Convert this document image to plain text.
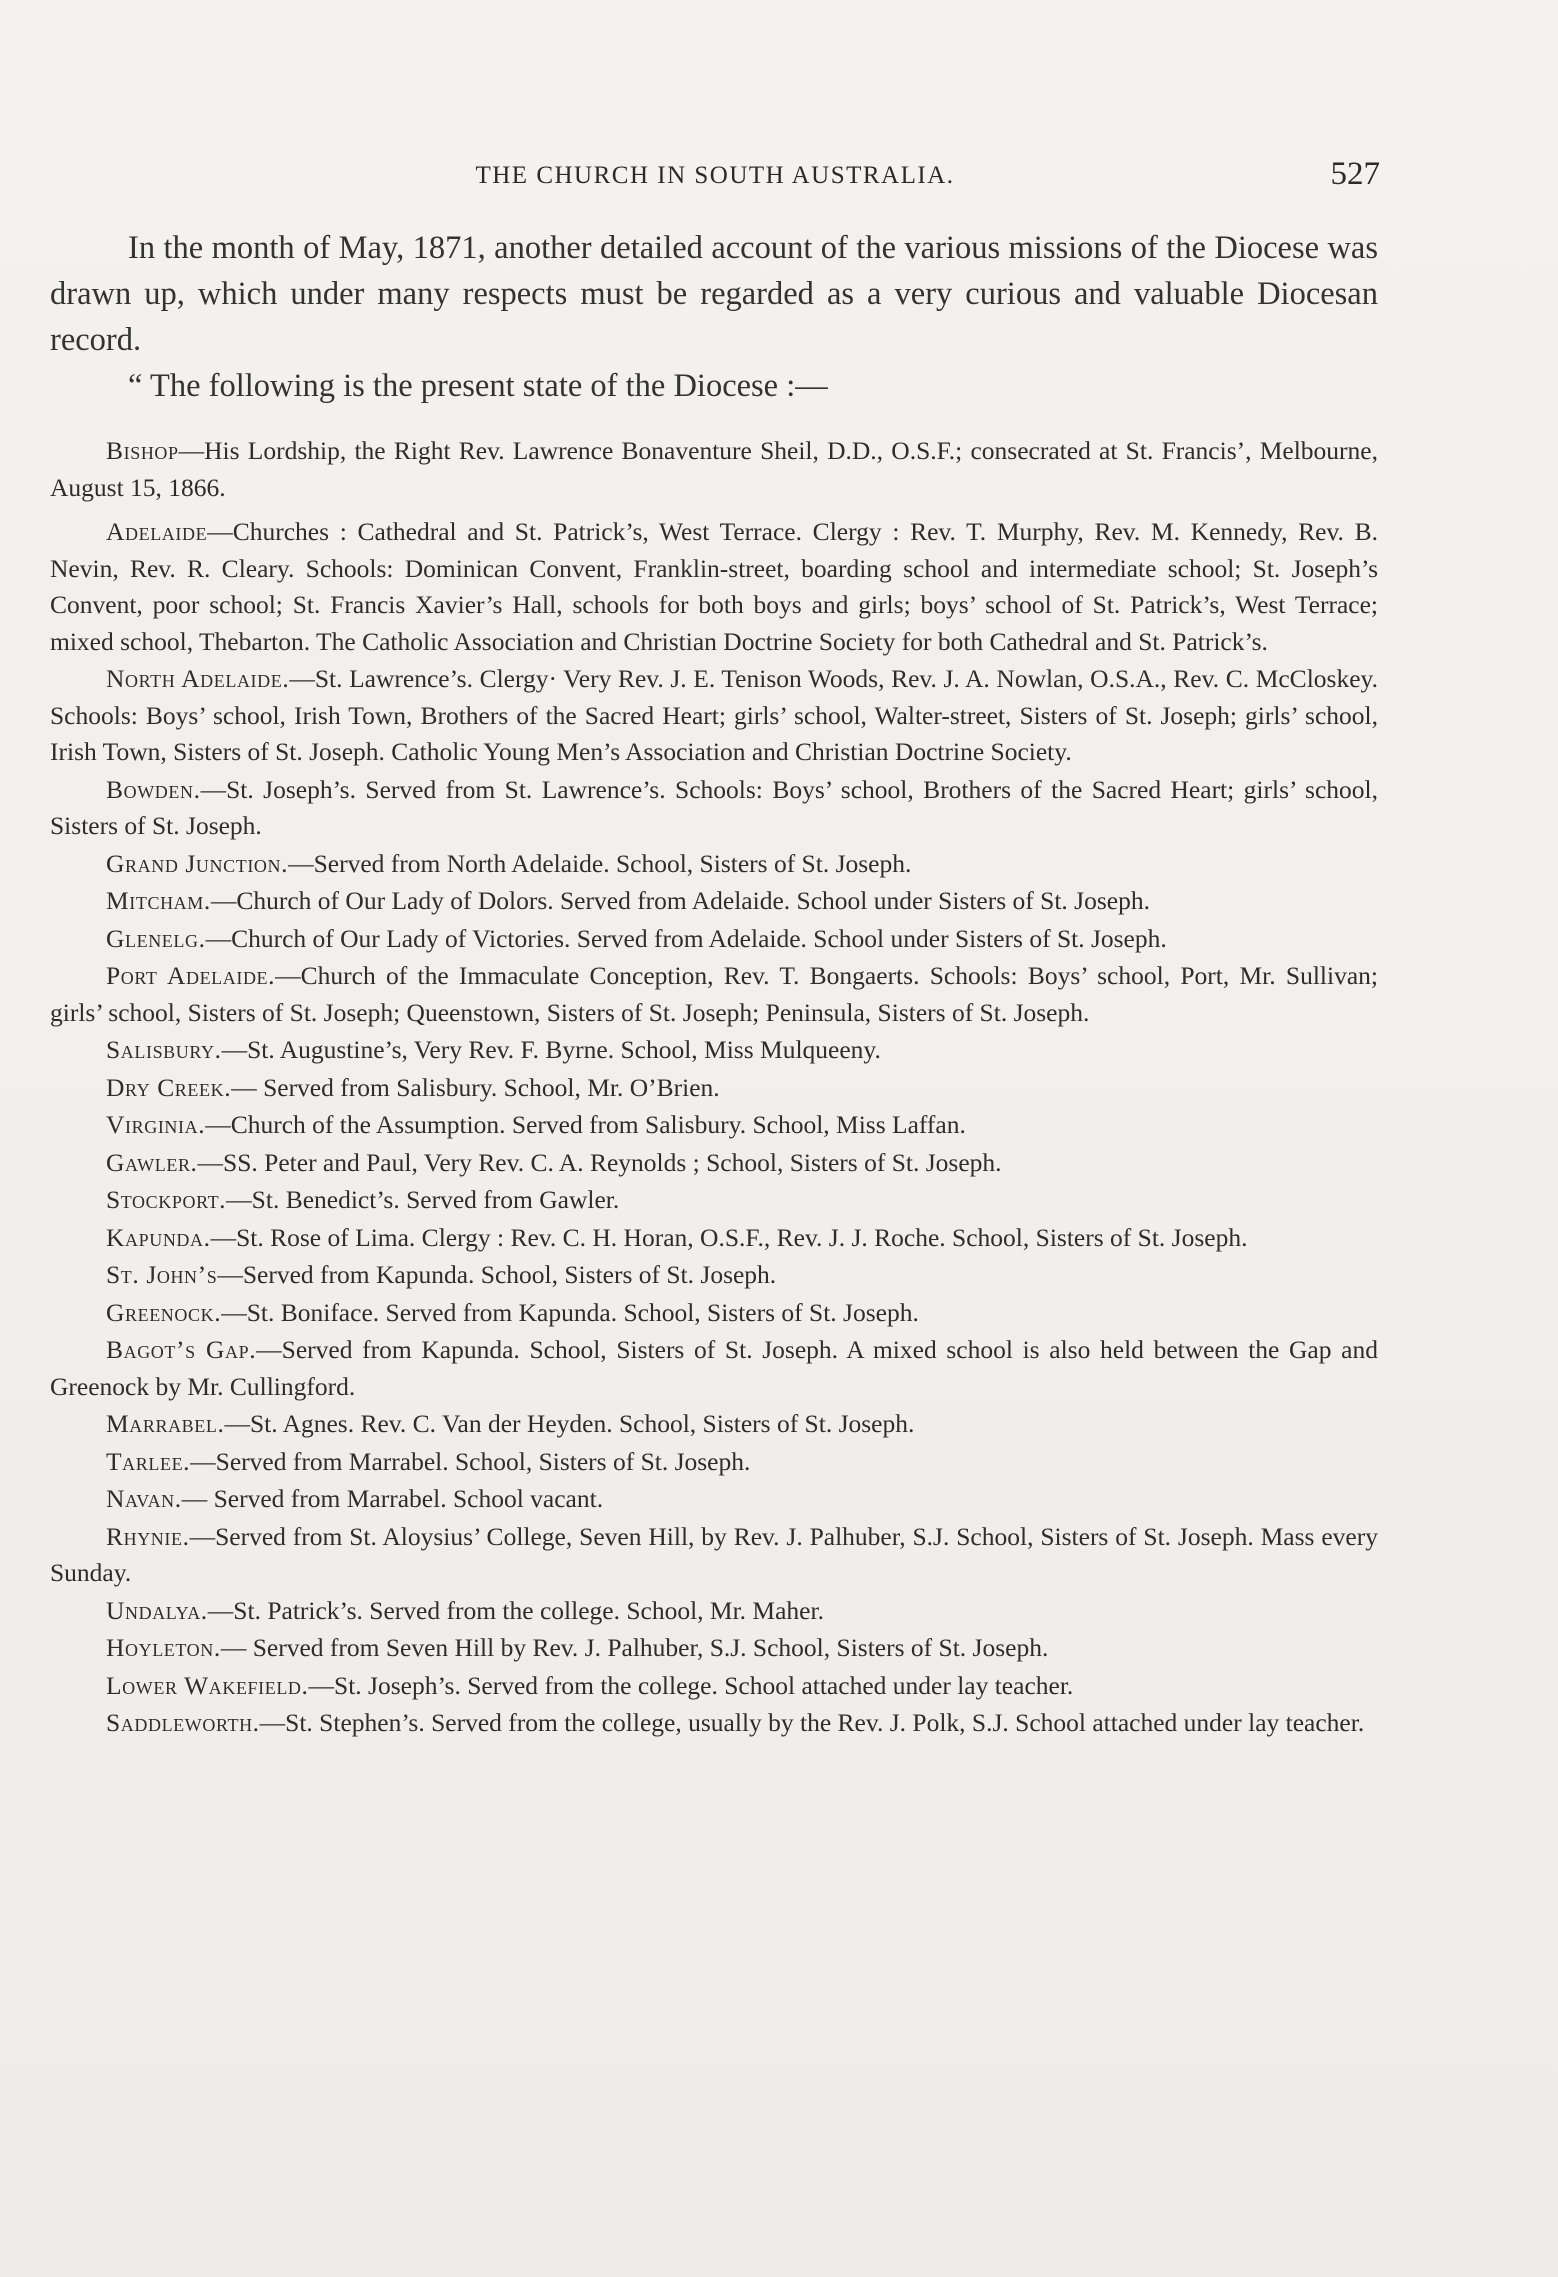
THE CHURCH IN SOUTH AUSTRALIA.	527

In the month of May, 1871, another detailed account of the various missions of the Diocese was drawn up, which under many respects must be regarded as a very curious and valuable Diocesan record.

“ The following is the present state of the Diocese :—

Bishop—His Lordship, the Right Rev. Lawrence Bonaventure Sheil, D.D., O.S.F.; consecrated at St. Francis’, Melbourne, August 15, 1866.

Adelaide—Churches : Cathedral and St. Patrick’s, West Terrace. Clergy : Rev. T. Murphy, Rev. M. Kennedy, Rev. B. Nevin, Rev. R. Cleary. Schools: Dominican Convent, Franklin-street, boarding school and intermediate school; St. Joseph’s Convent, poor school; St. Francis Xavier’s Hall, schools for both boys and girls; boys’ school of St. Patrick’s, West Terrace; mixed school, Thebarton. The Catholic Association and Christian Doctrine Society for both Cathedral and St. Patrick’s.

North Adelaide.—St. Lawrence’s. Clergy· Very Rev. J. E. Tenison Woods, Rev. J. A. Nowlan, O.S.A., Rev. C. McCloskey. Schools: Boys’ school, Irish Town, Brothers of the Sacred Heart; girls’ school, Walter-street, Sisters of St. Joseph; girls’ school, Irish Town, Sisters of St. Joseph. Catholic Young Men’s Association and Christian Doctrine Society.

Bowden.—St. Joseph’s. Served from St. Lawrence’s. Schools: Boys’ school, Brothers of the Sacred Heart; girls’ school, Sisters of St. Joseph.

Grand Junction.—Served from North Adelaide. School, Sisters of St. Joseph.

Mitcham.—Church of Our Lady of Dolors. Served from Adelaide. School under Sisters of St. Joseph.

Glenelg.—Church of Our Lady of Victories. Served from Adelaide. School under Sisters of St. Joseph.

Port Adelaide.—Church of the Immaculate Conception, Rev. T. Bongaerts. Schools: Boys’ school, Port, Mr. Sullivan; girls’ school, Sisters of St. Joseph; Queenstown, Sisters of St. Joseph; Peninsula, Sisters of St. Joseph.

Salisbury.—St. Augustine’s, Very Rev. F. Byrne. School, Miss Mulqueeny.

Dry Creek.— Served from Salisbury. School, Mr. O’Brien.

Virginia.—Church of the Assumption. Served from Salisbury. School, Miss Laffan.

Gawler.—SS. Peter and Paul, Very Rev. C. A. Reynolds ; School, Sisters of St. Joseph.

Stockport.—St. Benedict’s. Served from Gawler.

Kapunda.—St. Rose of Lima. Clergy : Rev. C. H. Horan, O.S.F., Rev. J. J. Roche. School, Sisters of St. Joseph.

St. John’s—Served from Kapunda. School, Sisters of St. Joseph.

Greenock.—St. Boniface. Served from Kapunda. School, Sisters of St. Joseph.

Bagot’s Gap.—Served from Kapunda. School, Sisters of St. Joseph. A mixed school is also held between the Gap and Greenock by Mr. Cullingford.

Marrabel.—St. Agnes. Rev. C. Van der Heyden. School, Sisters of St. Joseph.

Tarlee.—Served from Marrabel. School, Sisters of St. Joseph.

Navan.— Served from Marrabel. School vacant.

Rhynie.—Served from St. Aloysius’ College, Seven Hill, by Rev. J. Palhuber, S.J. School, Sisters of St. Joseph. Mass every Sunday.

Undalya.—St. Patrick’s. Served from the college. School, Mr. Maher.

Hoyleton.— Served from Seven Hill by Rev. J. Palhuber, S.J. School, Sisters of St. Joseph.

Lower Wakefield.—St. Joseph’s. Served from the college. School attached under lay teacher.

Saddleworth.—St. Stephen’s. Served from the college, usually by the Rev. J. Polk, S.J. School attached under lay teacher.
